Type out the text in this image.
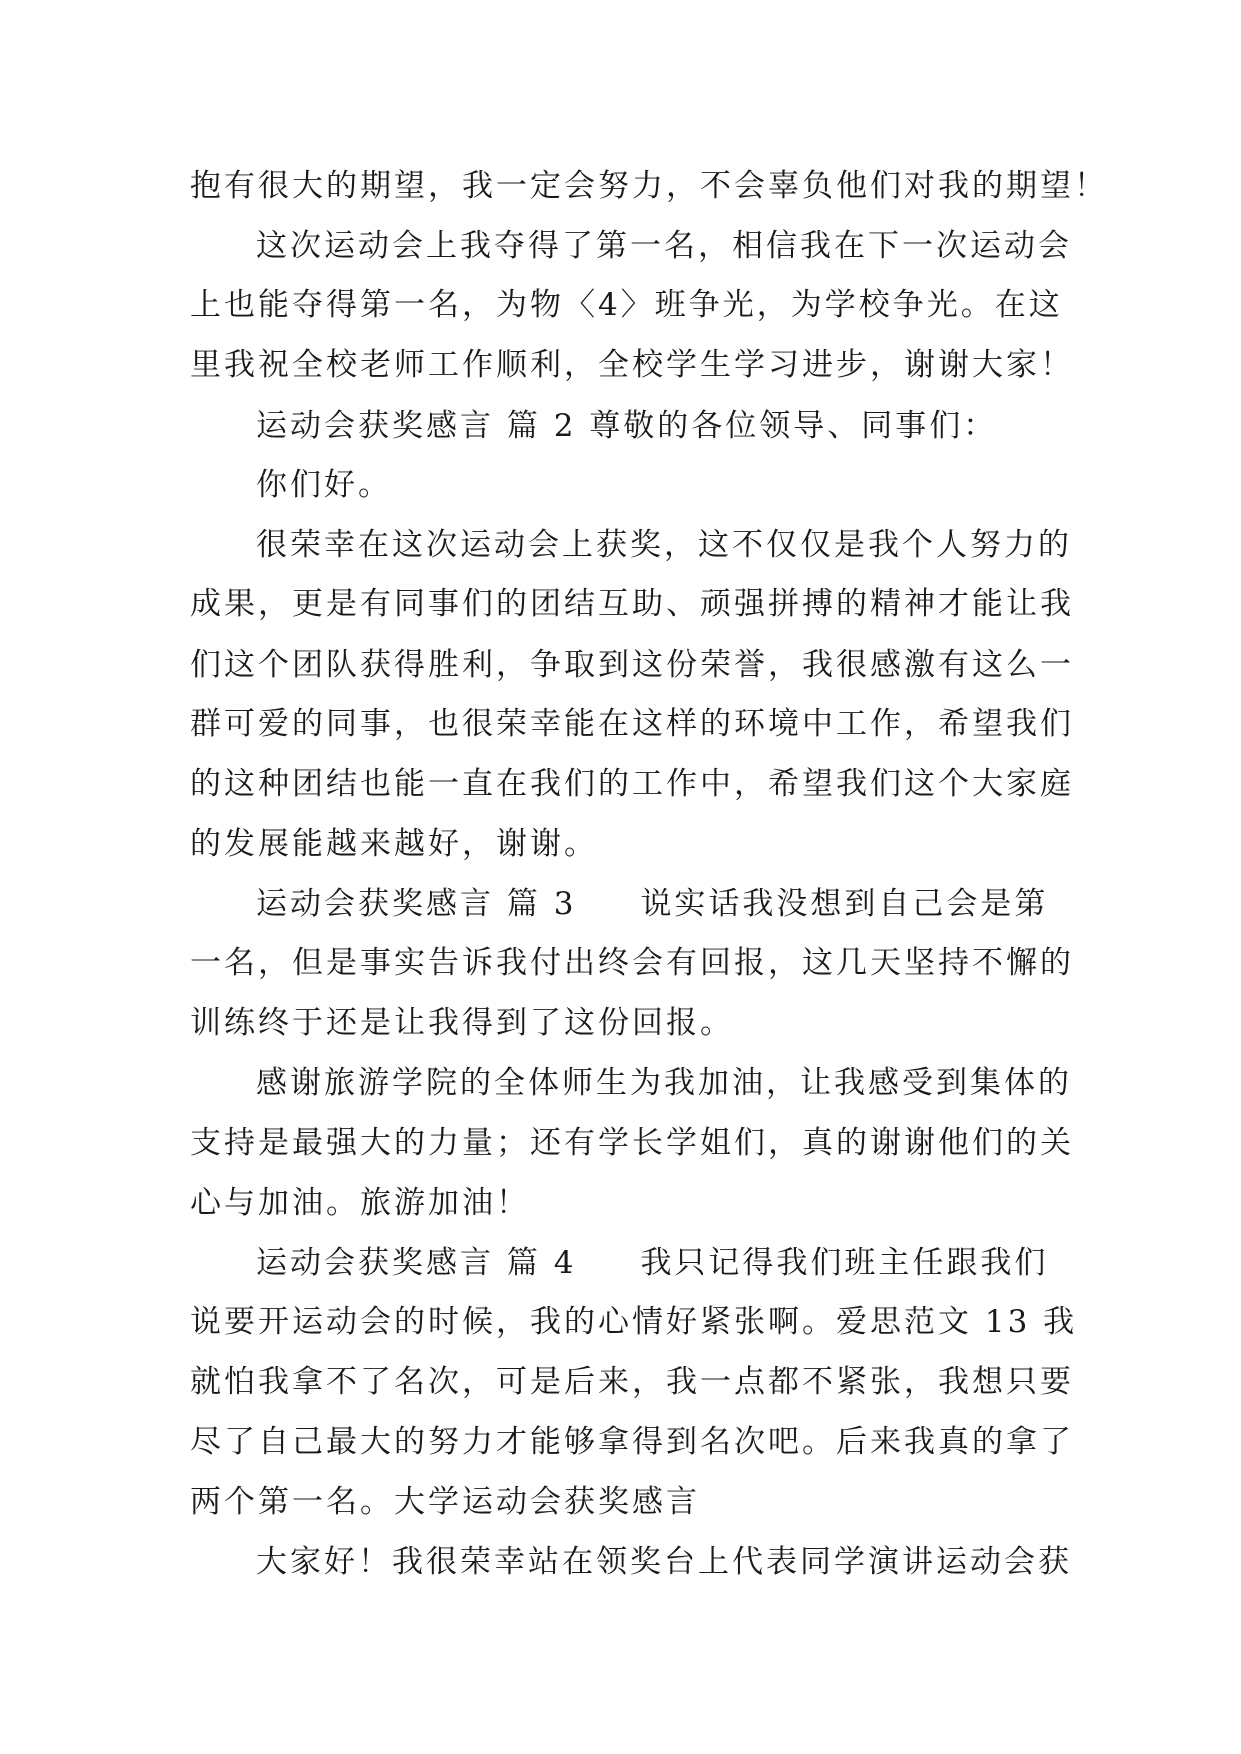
抱有很大的期望，我一定会努力，不会辜负他们对我的期望！
这次运动会上我夺得了第一名，相信我在下一次运动会
上也能夺得第一名，为物〈4〉班争光，为学校争光。在这
里我祝全校老师工作顺利，全校学生学习进步，谢谢大家！
运动会获奖感言 篇 2 尊敬的各位领导、同事们：
你们好。
很荣幸在这次运动会上获奖，这不仅仅是我个人努力的
成果，更是有同事们的团结互助、顽强拼搏的精神才能让我
们这个团队获得胜利，争取到这份荣誉，我很感激有这么一
群可爱的同事，也很荣幸能在这样的环境中工作，希望我们
的这种团结也能一直在我们的工作中，希望我们这个大家庭
的发展能越来越好，谢谢。
运动会获奖感言 篇 3 说实话我没想到自己会是第
一名，但是事实告诉我付出终会有回报，这几天坚持不懈的
训练终于还是让我得到了这份回报。
感谢旅游学院的全体师生为我加油，让我感受到集体的
支持是最强大的力量；还有学长学姐们，真的谢谢他们的关
心与加油。旅游加油！
运动会获奖感言 篇 4 我只记得我们班主任跟我们
说要开运动会的时候，我的心情好紧张啊。爱思范文 13 我
就怕我拿不了名次，可是后来，我一点都不紧张，我想只要
尽了自己最大的努力才能够拿得到名次吧。后来我真的拿了
两个第一名。大学运动会获奖感言
大家好！我很荣幸站在领奖台上代表同学演讲运动会获
